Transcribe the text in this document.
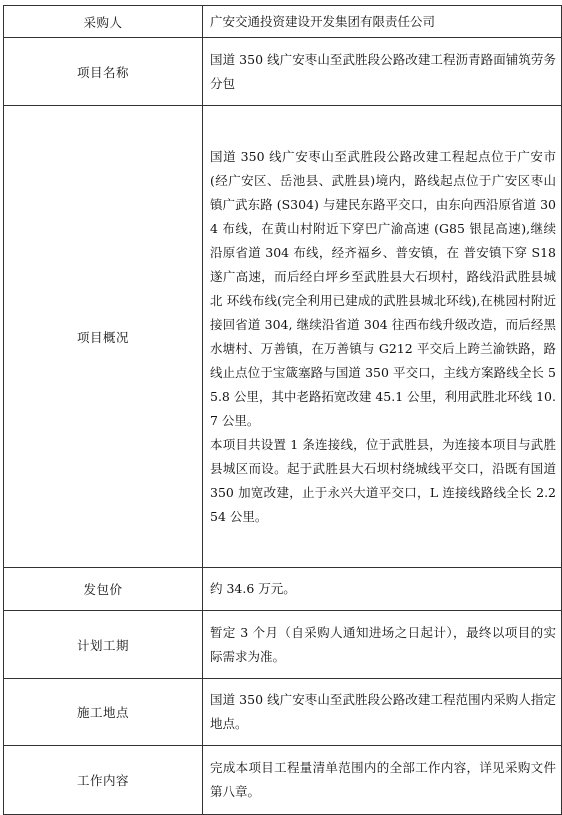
采购人	广安交通投资建设开发集团有限责任公司

项目名称	国道 350 线广安枣山至武胜段公路改建工程沥青路面铺筑劳务分包

项目概况	国道 350 线广安枣山至武胜段公路改建工程起点位于广安市(经广安区、岳池县、武胜县)境内，路线起点位于广安区枣山镇广武东路 (S304) 与建民东路平交口，由东向西沿原省道 304 布线，在黄山村附近下穿巴广渝高速 (G85 银昆高速),继续沿原省道 304 布线，经齐福乡、普安镇，在 普安镇下穿 S18 遂广高速，而后经白坪乡至武胜县大石坝村，路线沿武胜县城北 环线布线(完全利用已建成的武胜县城北环线),在桃园村附近接回省道 304, 继续沿省道 304 往西布线升级改造，而后经黑水塘村、万善镇，在万善镇与 G212 平交后上跨兰渝铁路，路线止点位于宝箴塞路与国道 350 平交口，主线方案路线全长 55.8 公里，其中老路拓宽改建 45.1 公里，利用武胜北环线 10.7 公里。

本项目共设置 1 条连接线，位于武胜县，为连接本项目与武胜县城区而设。起于武胜县大石坝村绕城线平交口，沿既有国道 350 加宽改建，止于永兴大道平交口，L 连接线路线全长 2.254 公里。

发包价	约 34.6 万元。

计划工期	暂定 3 个月（自采购人通知进场之日起计），最终以项目的实际需求为准。

施工地点	国道 350 线广安枣山至武胜段公路改建工程范围内采购人指定地点。

工作内容	完成本项目工程量清单范围内的全部工作内容，详见采购文件第八章。
